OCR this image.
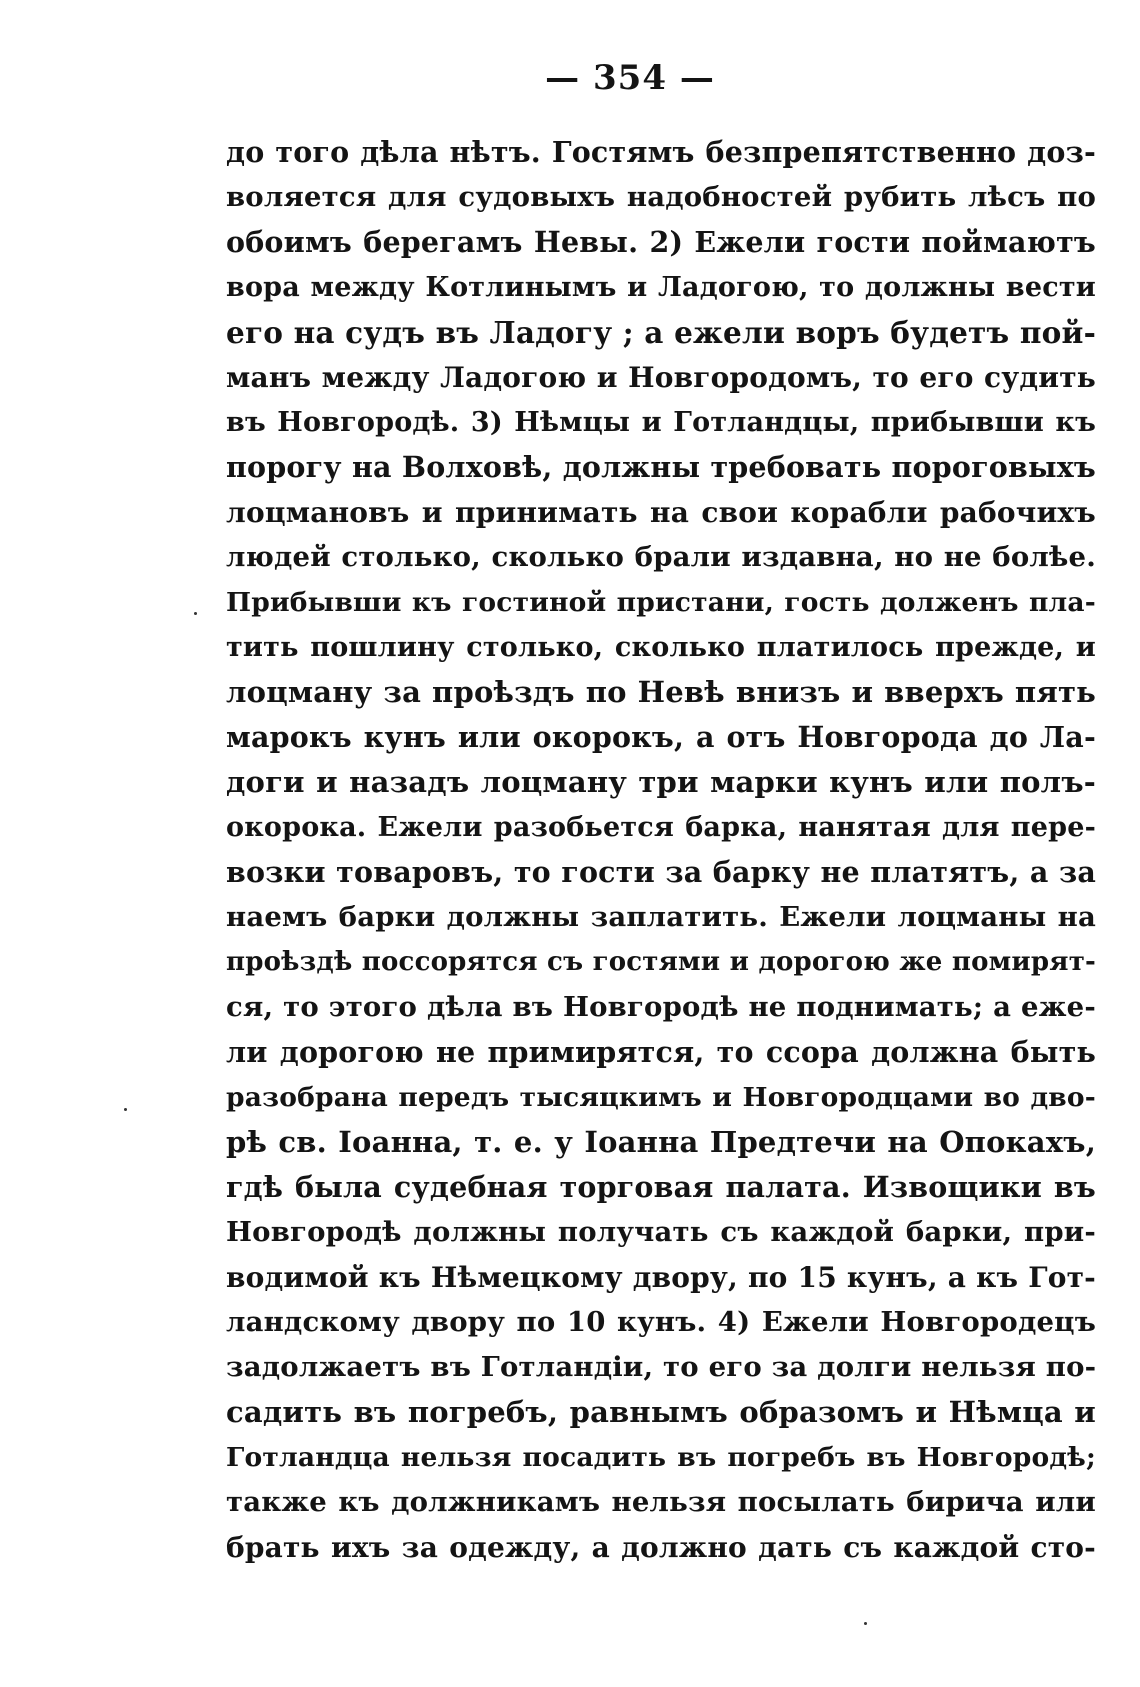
— 354 —
до того дѣла нѣтъ. Гостямъ безпрепятственно доз-
воляется для судовыхъ надобностей рубить лѣсъ по
обоимъ берегамъ Невы. 2) Ежели гости поймаютъ
вора между Котлинымъ и Ладогою, то должны вести
его на судъ въ Ладогу ; а ежели воръ будетъ пой-
манъ между Ладогою и Новгородомъ, то его судить
въ Новгородѣ. 3) Нѣмцы и Готландцы, прибывши къ
порогу на Волховѣ, должны требовать пороговыхъ
лоцмановъ и принимать на свои корабли рабочихъ
людей столько, сколько брали издавна, но не болѣе.
Прибывши къ гостиной пристани, гость долженъ пла-
тить пошлину столько, сколько платилось прежде, и
лоцману за проѣздъ по Невѣ внизъ и вверхъ пять
марокъ кунъ или окорокъ, а отъ Новгорода до Ла-
доги и назадъ лоцману три марки кунъ или полъ-
окорока. Ежели разобьется барка, нанятая для пере-
возки товаровъ, то гости за барку не платятъ, а за
наемъ барки должны заплатить. Ежели лоцманы на
проѣздѣ поссорятся съ гостями и дорогою же помирят-
ся, то этого дѣла въ Новгородѣ не поднимать; а еже-
ли дорогою не примирятся, то ссора должна быть
разобрана передъ тысяцкимъ и Новгородцами во дво-
рѣ св. Іоанна, т. е. у Іоанна Предтечи на Опокахъ,
гдѣ была судебная торговая палата. Извощики въ
Новгородѣ должны получать съ каждой барки, при-
водимой къ Нѣмецкому двору, по 15 кунъ, а къ Гот-
ландскому двору по 10 кунъ. 4) Ежели Новгородецъ
задолжаетъ въ Готландіи, то его за долги нельзя по-
садить въ погребъ, равнымъ образомъ и Нѣмца и
Готландца нельзя посадить въ погребъ въ Новгородѣ;
также къ должникамъ нельзя посылать бирича или
брать ихъ за одежду, а должно дать съ каждой сто-
